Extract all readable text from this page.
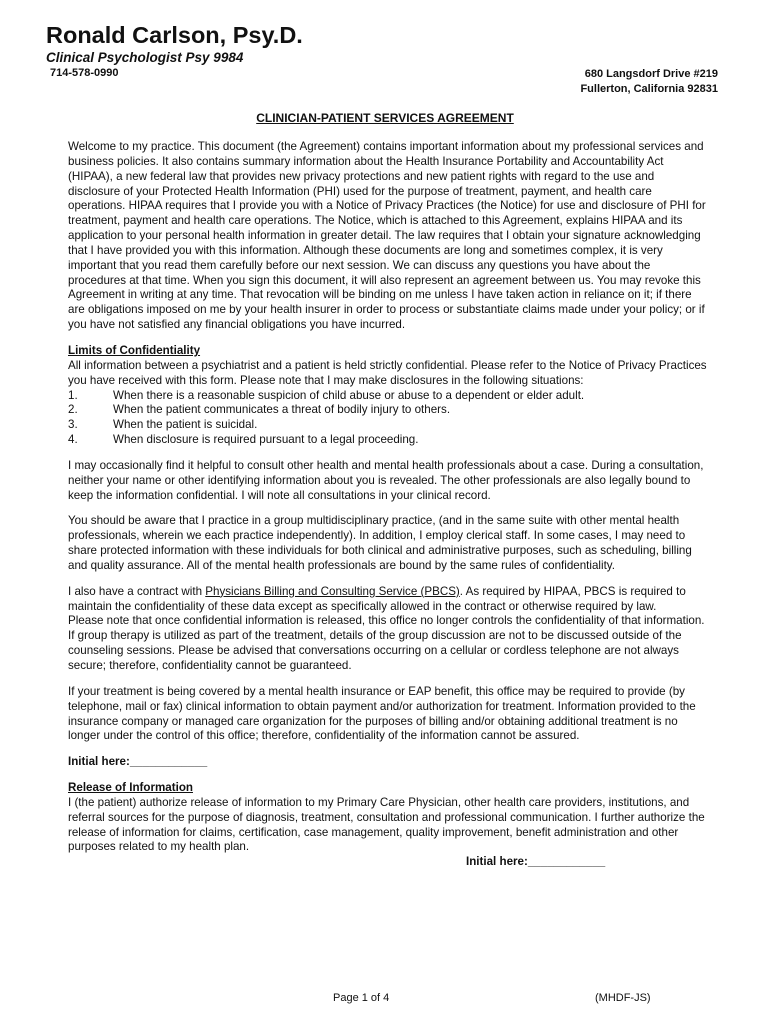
Ronald Carlson, Psy.D.
Clinical Psychologist Psy 9984
714-578-0990	680 Langsdorf Drive #219
Fullerton, California 92831
CLINICIAN-PATIENT SERVICES AGREEMENT

Welcome to my practice. This document (the Agreement) contains important information about my professional services and business policies. It also contains summary information about the Health Insurance Portability and Accountability Act (HIPAA), a new federal law that provides new privacy protections and new patient rights with regard to the use and disclosure of your Protected Health Information (PHI) used for the purpose of treatment, payment, and health care operations. HIPAA requires that I provide you with a Notice of Privacy Practices (the Notice) for use and disclosure of PHI for treatment, payment and health care operations. The Notice, which is attached to this Agreement, explains HIPAA and its application to your personal health information in greater detail. The law requires that I obtain your signature acknowledging that I have provided you with this information. Although these documents are long and sometimes complex, it is very important that you read them carefully before our next session. We can discuss any questions you have about the procedures at that time. When you sign this document, it will also represent an agreement between us. You may revoke this Agreement in writing at any time. That revocation will be binding on me unless I have taken action in reliance on it; if there are obligations imposed on me by your health insurer in order to process or substantiate claims made under your policy; or if you have not satisfied any financial obligations you have incurred.

Limits of Confidentiality
All information between a psychiatrist and a patient is held strictly confidential. Please refer to the Notice of Privacy Practices you have received with this form. Please note that I may make disclosures in the following situations:
1.	When there is a reasonable suspicion of child abuse or abuse to a dependent or elder adult.
2.	When the patient communicates a threat of bodily injury to others.
3.	When the patient is suicidal.
4.	When disclosure is required pursuant to a legal proceeding.

I may occasionally find it helpful to consult other health and mental health professionals about a case. During a consultation, neither your name or other identifying information about you is revealed. The other professionals are also legally bound to keep the information confidential. I will note all consultations in your clinical record.

You should be aware that I practice in a group multidisciplinary practice, (and in the same suite with other mental health professionals, wherein we each practice independently). In addition, I employ clerical staff. In some cases, I may need to share protected information with these individuals for both clinical and administrative purposes, such as scheduling, billing and quality assurance. All of the mental health professionals are bound by the same rules of confidentiality.

I also have a contract with Physicians Billing and Consulting Service (PBCS). As required by HIPAA, PBCS is required to maintain the confidentiality of these data except as specifically allowed in the contract or otherwise required by law.

Please note that once confidential information is released, this office no longer controls the confidentiality of that information. If group therapy is utilized as part of the treatment, details of the group discussion are not to be discussed outside of the counseling sessions. Please be advised that conversations occurring on a cellular or cordless telephone are not always secure; therefore, confidentiality cannot be guaranteed.

If your treatment is being covered by a mental health insurance or EAP benefit, this office may be required to provide (by telephone, mail or fax) clinical information to obtain payment and/or authorization for treatment. Information provided to the insurance company or managed care organization for the purposes of billing and/or obtaining additional treatment is no longer under the control of this office; therefore, confidentiality of the information cannot be assured.

Initial here:____________

Release of Information
I (the patient) authorize release of information to my Primary Care Physician, other health care providers, institutions, and referral sources for the purpose of diagnosis, treatment, consultation and professional communication. I further authorize the release of information for claims, certification, case management, quality improvement, benefit administration and other purposes related to my health plan.
Initial here:____________
Page 1 of 4	(MHDF-JS)
